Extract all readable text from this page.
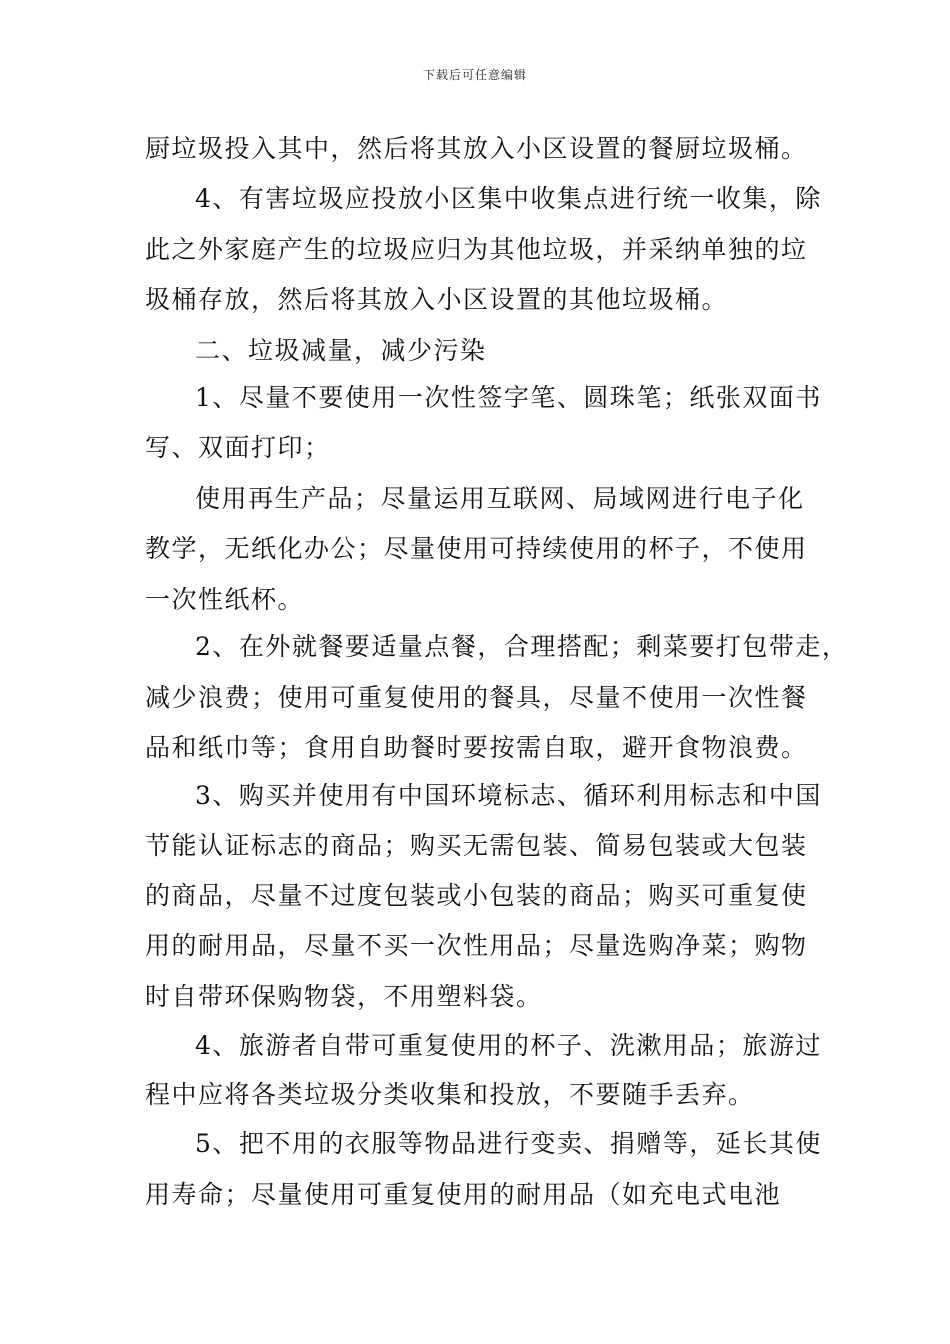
下载后可任意编辑
厨垃圾投入其中，然后将其放入小区设置的餐厨垃圾桶。
4、有害垃圾应投放小区集中收集点进行统一收集，除
此之外家庭产生的垃圾应归为其他垃圾，并采纳单独的垃
圾桶存放，然后将其放入小区设置的其他垃圾桶。
二、垃圾减量，减少污染
1、尽量不要使用一次性签字笔、圆珠笔；纸张双面书
写、双面打印；
使用再生产品；尽量运用互联网、局域网进行电子化
教学，无纸化办公；尽量使用可持续使用的杯子，不使用
一次性纸杯。
2、在外就餐要适量点餐，合理搭配；剩菜要打包带走，
减少浪费；使用可重复使用的餐具，尽量不使用一次性餐
品和纸巾等；食用自助餐时要按需自取，避开食物浪费。
3、购买并使用有中国环境标志、循环利用标志和中国
节能认证标志的商品；购买无需包装、简易包装或大包装
的商品，尽量不过度包装或小包装的商品；购买可重复使
用的耐用品，尽量不买一次性用品；尽量选购净菜；购物
时自带环保购物袋，不用塑料袋。
4、旅游者自带可重复使用的杯子、洗漱用品；旅游过
程中应将各类垃圾分类收集和投放，不要随手丢弃。
5、把不用的衣服等物品进行变卖、捐赠等，延长其使
用寿命；尽量使用可重复使用的耐用品（如充电式电池
